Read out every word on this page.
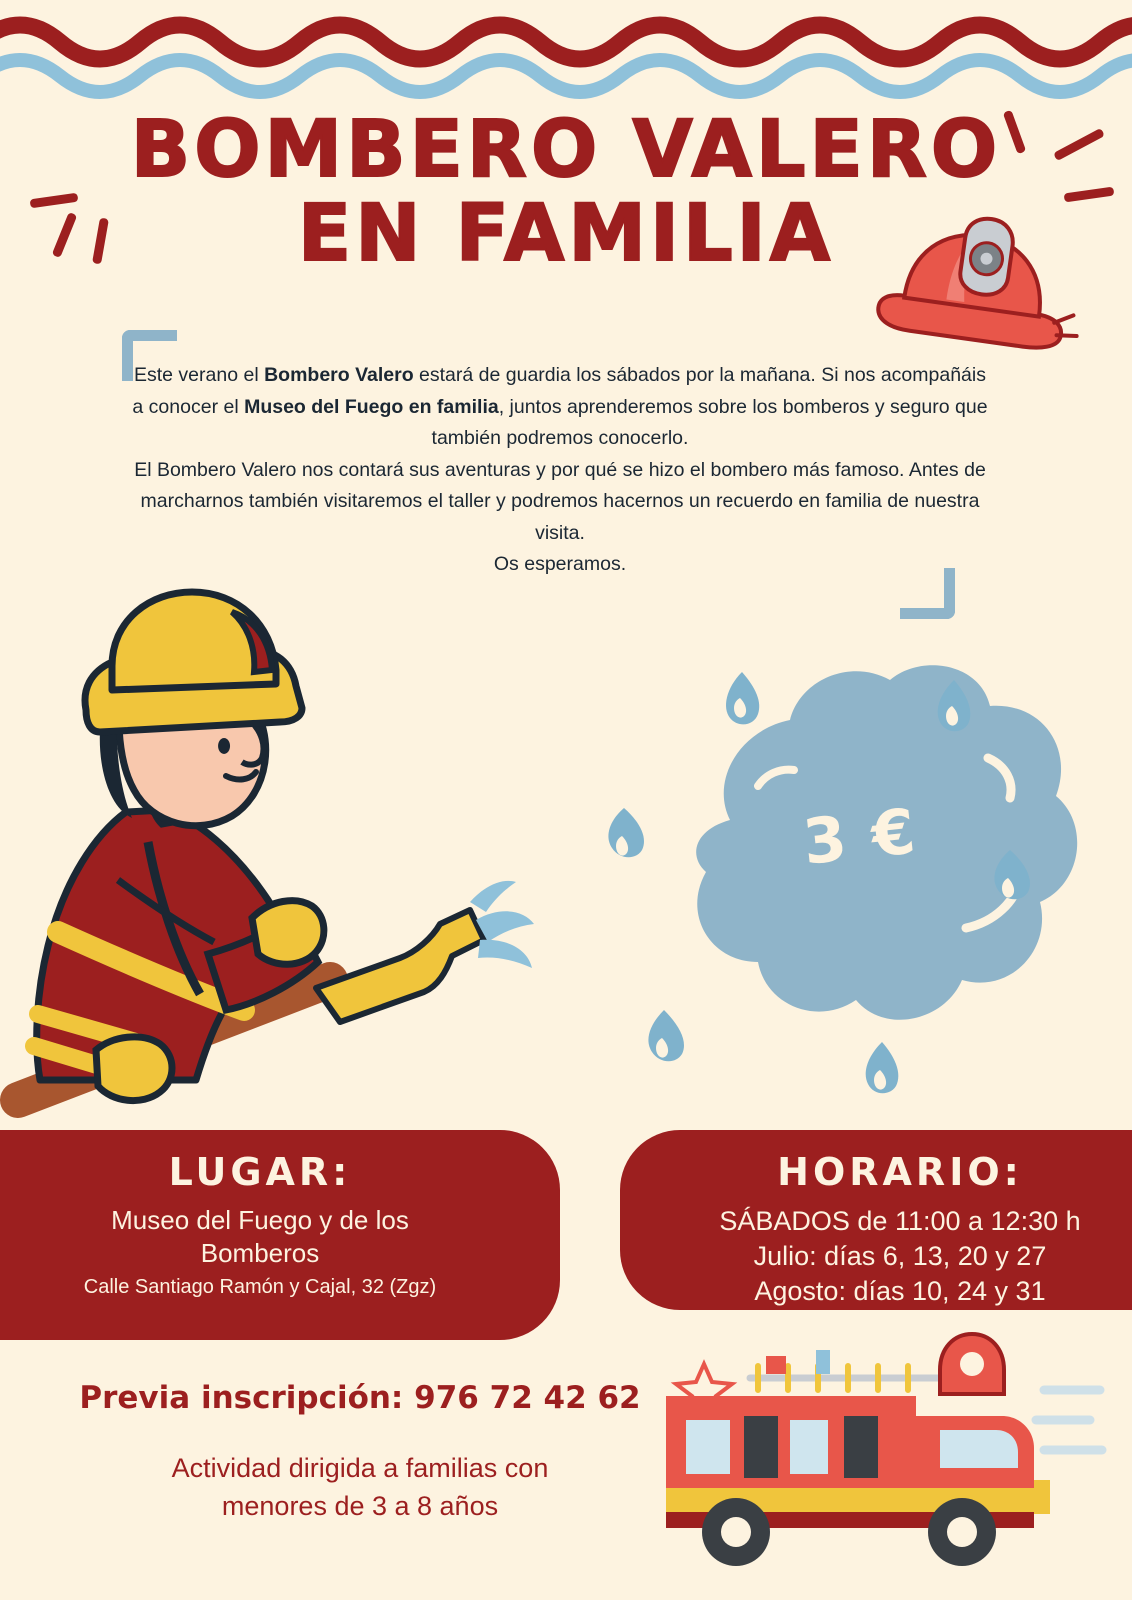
BOMBERO VALERO
EN FAMILIA

Este verano el Bombero Valero estará de guardia los sábados por la mañana. Si nos acompañáis a conocer el Museo del Fuego en familia, juntos aprenderemos sobre los bomberos y seguro que también podremos conocerlo.

El Bombero Valero nos contará sus aventuras y por qué se hizo el bombero más famoso. Antes de marcharnos también visitaremos el taller y podremos hacernos un recuerdo en familia de nuestra visita.

Os esperamos.

3 €
LUGAR:
Museo del Fuego y de los
Bomberos
Calle Santiago Ramón y Cajal, 32 (Zgz)
HORARIO:
SÁBADOS de 11:00 a 12:30 h
Julio: días 6, 13, 20 y 27
Agosto: días 10, 24 y 31
Previa inscripción: 976 72 42 62
Actividad dirigida a familias con
menores de 3 a 8 años
